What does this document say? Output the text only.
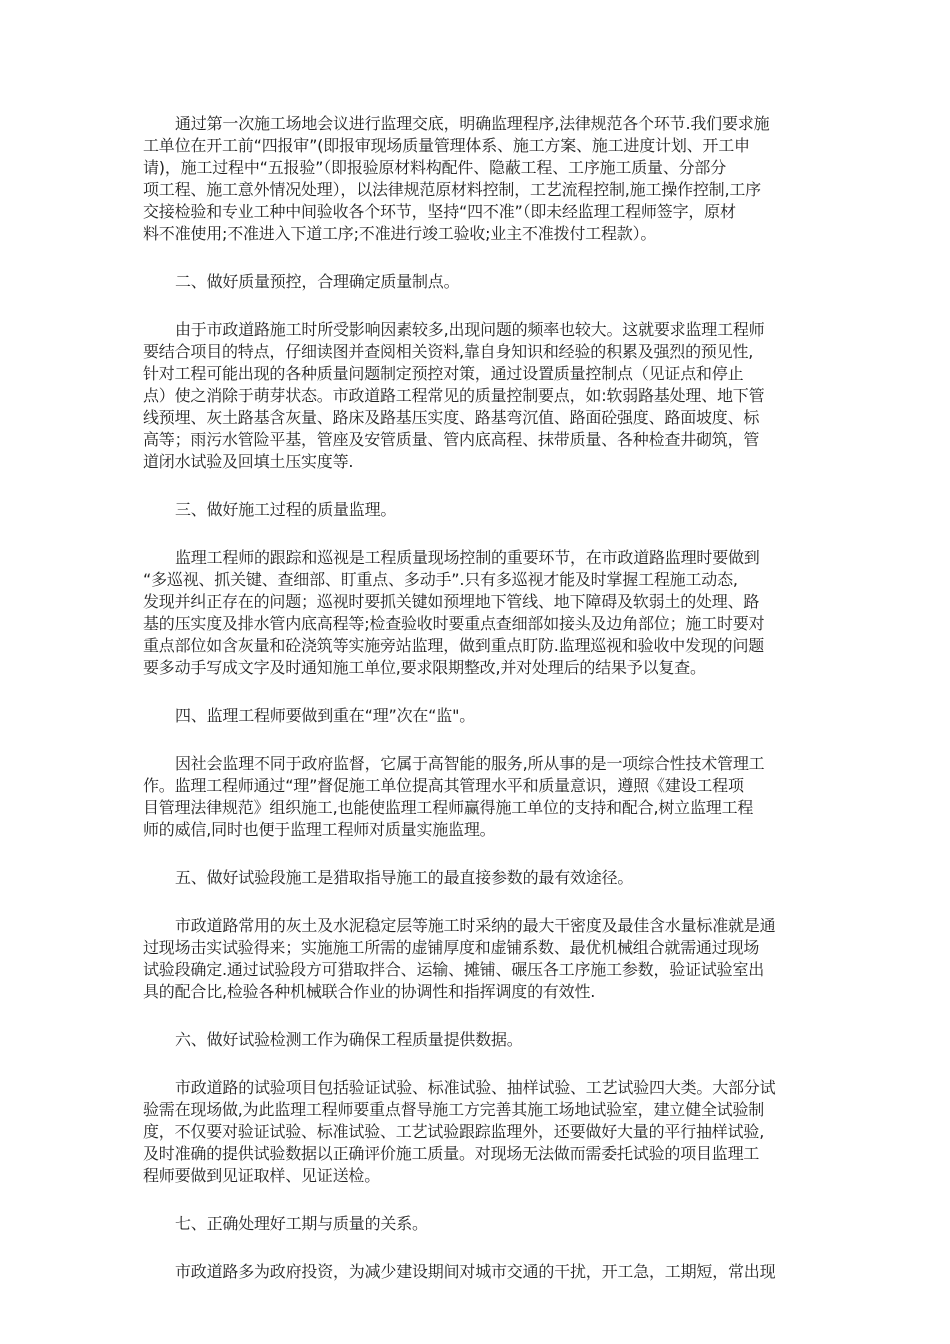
通过第一次施工场地会议进行监理交底，明确监理程序,法律规范各个环节.我们要求施
工单位在开工前“四报审”(即报审现场质量管理体系、施工方案、施工进度计划、开工申
请)，施工过程中“五报验”（即报验原材料构配件、隐蔽工程、工序施工质量、分部分
项工程、施工意外情况处理），以法律规范原材料控制，工艺流程控制,施工操作控制,工序
交接检验和专业工种中间验收各个环节，坚持“四不准”（即未经监理工程师签字，原材
料不准使用;不准进入下道工序;不准进行竣工验收;业主不准拨付工程款）。
二、做好质量预控，合理确定质量制点。
由于市政道路施工时所受影响因素较多,出现问题的频率也较大。这就要求监理工程师
要结合项目的特点，仔细读图并查阅相关资料,靠自身知识和经验的积累及强烈的预见性,
针对工程可能出现的各种质量问题制定预控对策，通过设置质量控制点（见证点和停止
点）使之消除于萌芽状态。市政道路工程常见的质量控制要点，如:软弱路基处理、地下管
线预埋、灰土路基含灰量、路床及路基压实度、路基弯沉值、路面砼强度、路面坡度、标
高等；雨污水管险平基，管座及安管质量、管内底高程、抹带质量、各种检查井砌筑，管
道闭水试验及回填土压实度等.
三、做好施工过程的质量监理。
监理工程师的跟踪和巡视是工程质量现场控制的重要环节，在市政道路监理时要做到
“多巡视、抓关键、查细部、盯重点、多动手”.只有多巡视才能及时掌握工程施工动态,
发现并纠正存在的问题；巡视时要抓关键如预埋地下管线、地下障碍及软弱土的处理、路
基的压实度及排水管内底高程等;检查验收时要重点查细部如接头及边角部位；施工时要对
重点部位如含灰量和砼浇筑等实施旁站监理，做到重点盯防.监理巡视和验收中发现的问题
要多动手写成文字及时通知施工单位,要求限期整改,并对处理后的结果予以复查。
四、监理工程师要做到重在“理”次在“监"。
因社会监理不同于政府监督，它属于高智能的服务,所从事的是一项综合性技术管理工
作。监理工程师通过“理”督促施工单位提高其管理水平和质量意识，遵照《建设工程项
目管理法律规范》组织施工,也能使监理工程师赢得施工单位的支持和配合,树立监理工程
师的威信,同时也便于监理工程师对质量实施监理。
五、做好试验段施工是猎取指导施工的最直接参数的最有效途径。
市政道路常用的灰土及水泥稳定层等施工时采纳的最大干密度及最佳含水量标准就是通
过现场击实试验得来；实施施工所需的虚铺厚度和虚铺系数、最优机械组合就需通过现场
试验段确定.通过试验段方可猎取拌合、运输、摊铺、碾压各工序施工参数，验证试验室出
具的配合比,检验各种机械联合作业的协调性和指挥调度的有效性.
六、做好试验检测工作为确保工程质量提供数据。
市政道路的试验项目包括验证试验、标准试验、抽样试验、工艺试验四大类。大部分试
验需在现场做,为此监理工程师要重点督导施工方完善其施工场地试验室，建立健全试验制
度，不仅要对验证试验、标准试验、工艺试验跟踪监理外，还要做好大量的平行抽样试验,
及时准确的提供试验数据以正确评价施工质量。对现场无法做而需委托试验的项目监理工
程师要做到见证取样、见证送检。
七、正确处理好工期与质量的关系。
市政道路多为政府投资，为减少建设期间对城市交通的干扰，开工急，工期短，常出现
